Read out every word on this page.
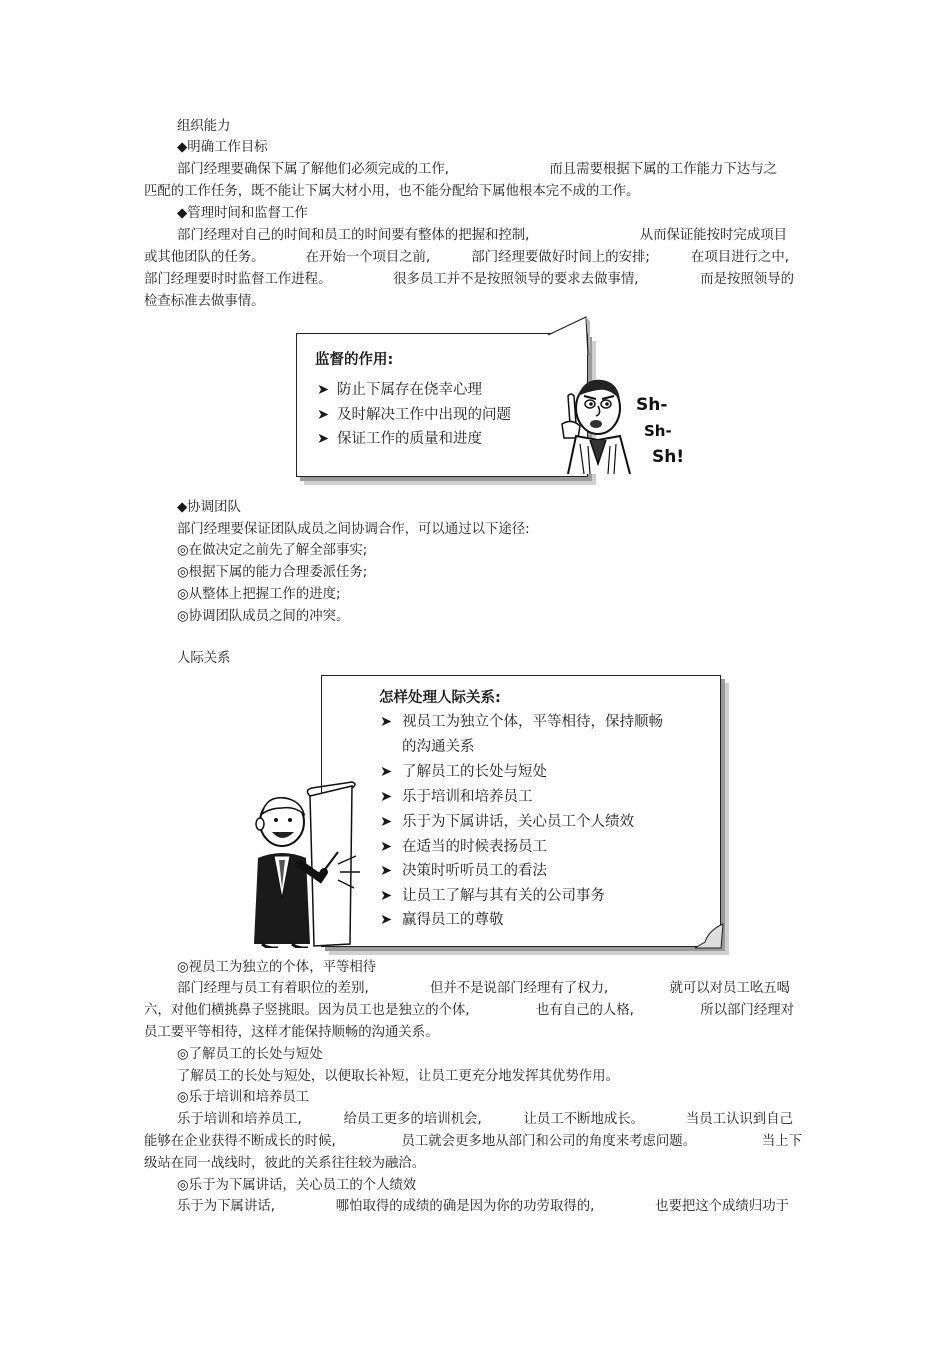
组织能力
◆明确工作目标
部门经理要确保下属了解他们必须完成的工作,	而且需要根据下属的工作能力下达与之
匹配的工作任务，既不能让下属大材小用，也不能分配给下属他根本完不成的工作。
◆管理时间和监督工作
部门经理对自己的时间和员工的时间要有整体的把握和控制,	从而保证能按时完成项目
或其他团队的任务。	在开始一个项目之前,	部门经理要做好时间上的安排;	在项目进行之中,
部门经理要时时监督工作进程。	很多员工并不是按照领导的要求去做事情,	而是按照领导的
检查标准去做事情。
监督的作用:
➤ 防止下属存在侥幸心理
➤ 及时解决工作中出现的问题
➤ 保证工作的质量和进度
Sh-
Sh-
Sh!
◆协调团队
部门经理要保证团队成员之间协调合作，可以通过以下途径:
◎在做决定之前先了解全部事实;
◎根据下属的能力合理委派任务;
◎从整体上把握工作的进度;
◎协调团队成员之间的冲突。
人际关系
怎样处理人际关系:
➤ 视员工为独立个体，平等相待，保持顺畅
的沟通关系
➤ 了解员工的长处与短处
➤ 乐于培训和培养员工
➤ 乐于为下属讲话，关心员工个人绩效
➤ 在适当的时候表扬员工
➤ 决策时听听员工的看法
➤ 让员工了解与其有关的公司事务
➤ 赢得员工的尊敬
◎视员工为独立的个体，平等相待
部门经理与员工有着职位的差别,	但并不是说部门经理有了权力,	就可以对员工吆五喝
六，对他们横挑鼻子竖挑眼。因为员工也是独立的个体,	也有自己的人格,	所以部门经理对
员工要平等相待，这样才能保持顺畅的沟通关系。
◎了解员工的长处与短处
了解员工的长处与短处，以便取长补短，让员工更充分地发挥其优势作用。
◎乐于培训和培养员工
乐于培训和培养员工,	给员工更多的培训机会,	让员工不断地成长。	当员工认识到自己
能够在企业获得不断成长的时候,	员工就会更多地从部门和公司的角度来考虑问题。	当上下
级站在同一战线时，彼此的关系往往较为融洽。
◎乐于为下属讲话，关心员工的个人绩效
乐于为下属讲话,	哪怕取得的成绩的确是因为你的功劳取得的,	也要把这个成绩归功于
